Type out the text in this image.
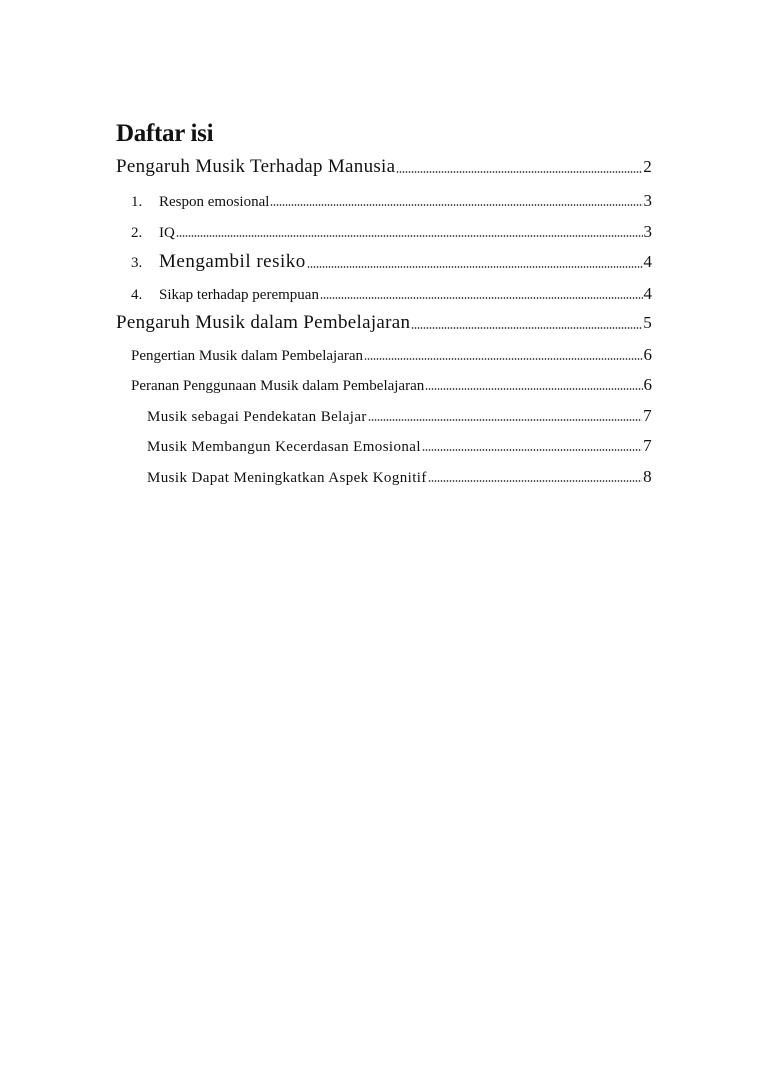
Daftar isi
Pengaruh Musik Terhadap Manusia	2
1.	Respon emosional	3
2.	IQ	3
3. Mengambil resiko	4
4.	Sikap terhadap perempuan	4
Pengaruh Musik dalam Pembelajaran	5
Pengertian Musik dalam Pembelajaran	6
Peranan Penggunaan Musik dalam Pembelajaran	6
Musik sebagai Pendekatan Belajar	7
Musik Membangun Kecerdasan Emosional	7
Musik Dapat Meningkatkan Aspek Kognitif	8
